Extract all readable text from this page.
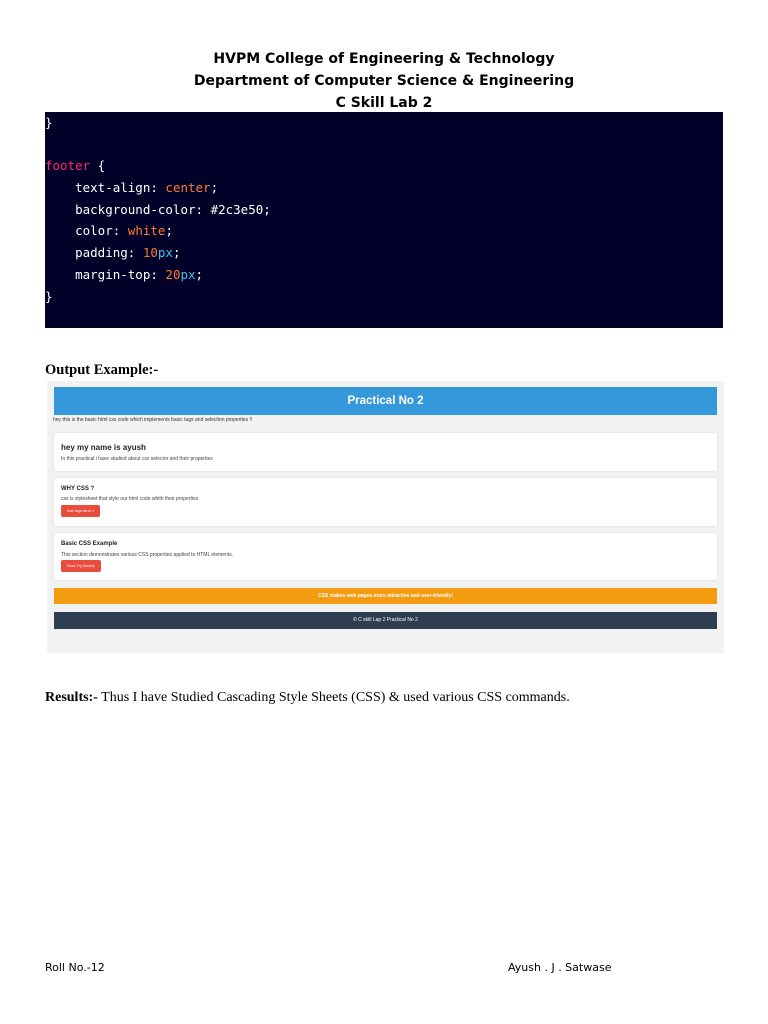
HVPM College of Engineering & Technology
Department of Computer Science & Engineering
C Skill Lab 2
}

footer {
text-align: center;
background-color: #2c3e50;
color: white;
padding: 10px;
margin-top: 20px;
}
Output Example:-
Practical No 2
hey this is the basic html css code which implements basic tags and selection properties !!
hey my name is ayush

In this practical i have studied about css selector and their properties

WHY CSS ?

css is stylesheet that style our html code whith their properties

Not tags fanh >
Basic CSS Example

This section demonstrates various CSS properties applied to HTML elements.

Dont Try Buddy
CSS makes web pages more attractive and user-friendly!
© C skill Lap 2 Practical No 2
Results:- Thus I have Studied Cascading Style Sheets (CSS) & used various CSS commands.
Roll No.-12	Ayush . J . Satwase
